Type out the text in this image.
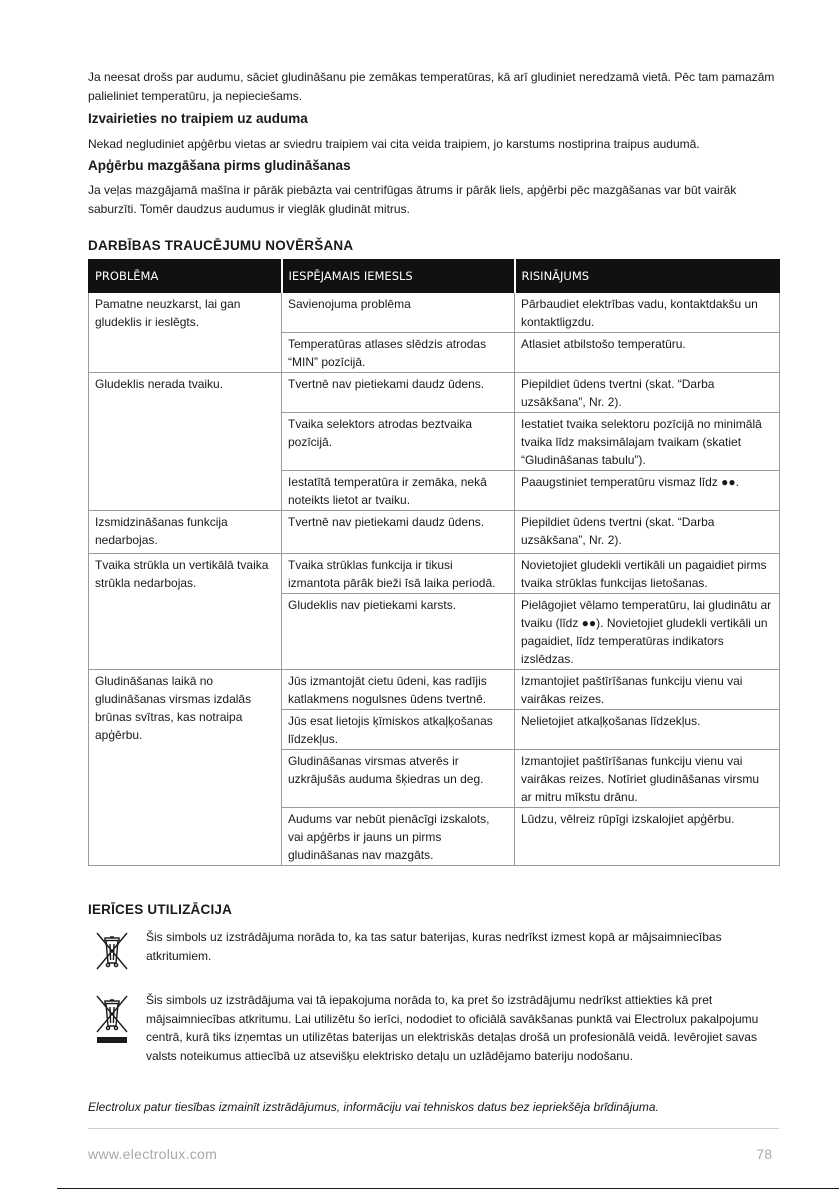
Ja neesat drošs par audumu, sāciet gludināšanu pie zemākas temperatūras, kā arī gludiniet neredzamā vietā. Pēc tam pamazām palieliniet temperatūru, ja nepieciešams.

Izvairieties no traipiem uz auduma

Nekad negludiniet apģērbu vietas ar sviedru traipiem vai cita veida traipiem, jo karstums nostiprina traipus audumā.

Apģērbu mazgāšana pirms gludināšanas

Ja veļas mazgājamā mašīna ir pārāk piebāzta vai centrifūgas ātrums ir pārāk liels, apģērbi pēc mazgāšanas var būt vairāk saburzīti. Tomēr daudzus audumus ir vieglāk gludināt mitrus.

DARBĪBAS TRAUCĒJUMU NOVĒRŠANA
PROBLĒMA	IESPĒJAMAIS IEMESLS	RISINĀJUMS
Pamatne neuzkarst, lai gan gludeklis ir ieslēgts.	Savienojuma problēma	Pārbaudiet elektrības vadu, kontaktdakšu un kontaktligzdu.
	Temperatūras atlases slēdzis atrodas “MIN” pozīcijā.	Atlasiet atbilstošo temperatūru.
Gludeklis nerada tvaiku.	Tvertnē nav pietiekami daudz ūdens.	Piepildiet ūdens tvertni (skat. “Darba uzsākšana”, Nr. 2).
	Tvaika selektors atrodas beztvaika pozīcijā.	Iestatiet tvaika selektoru pozīcijā no minimālā tvaika līdz maksimālajam tvaikam (skatiet “Gludināšanas tabulu”).
	Iestatītā temperatūra ir zemāka, nekā noteikts lietot ar tvaiku.	Paaugstiniet temperatūru vismaz līdz ●●.
Izsmidzināšanas funkcija nedarbojas.	Tvertnē nav pietiekami daudz ūdens.	Piepildiet ūdens tvertni (skat. “Darba uzsākšana”, Nr. 2).
Tvaika strūkla un vertikālā tvaika strūkla nedarbojas.	Tvaika strūklas funkcija ir tikusi izmantota pārāk bieži īsā laika periodā.	Novietojiet gludekli vertikāli un pagaidiet pirms tvaika strūklas funkcijas lietošanas.
	Gludeklis nav pietiekami karsts.	Pielāgojiet vēlamo temperatūru, lai gludinātu ar tvaiku (līdz ●●). Novietojiet gludekli vertikāli un pagaidiet, līdz temperatūras indikators izslēdzas.
Gludināšanas laikā no gludināšanas virsmas izdalās brūnas svītras, kas notraipa apģērbu.	Jūs izmantojāt cietu ūdeni, kas radījis katlakmens nogulsnes ūdens tvertnē.	Izmantojiet paštīrīšanas funkciju vienu vai vairākas reizes.
	Jūs esat lietojis ķīmiskos atkaļķošanas līdzekļus.	Nelietojiet atkaļķošanas līdzekļus.
	Gludināšanas virsmas atverēs ir uzkrājušās auduma šķiedras un deg.	Izmantojiet paštīrīšanas funkciju vienu vai vairākas reizes. Notīriet gludināšanas virsmu ar mitru mīkstu drānu.
	Audums var nebūt pienācīgi izskalots, vai apģērbs ir jauns un pirms gludināšanas nav mazgāts.	Lūdzu, vēlreiz rūpīgi izskalojiet apģērbu.
IERĪCES UTILIZĀCIJA

Šis simbols uz izstrādājuma norāda to, ka tas satur baterijas, kuras nedrīkst izmest kopā ar mājsaimniecības atkritumiem.

Šis simbols uz izstrādājuma vai tā iepakojuma norāda to, ka pret šo izstrādājumu nedrīkst attiekties kā pret mājsaimniecības atkritumu. Lai utilizētu šo ierīci, nododiet to oficiālā savākšanas punktā vai Electrolux pakalpojumu centrā, kurā tiks izņemtas un utilizētas baterijas un elektriskās detaļas drošā un profesionālā veidā. Ievērojiet savas valsts noteikumus attiecībā uz atsevišķu elektrisko detaļu un uzlādējamo bateriju nodošanu.

Electrolux patur tiesības izmainīt izstrādājumus, informāciju vai tehniskos datus bez iepriekšēja brīdinājuma.

www.electrolux.com	78
